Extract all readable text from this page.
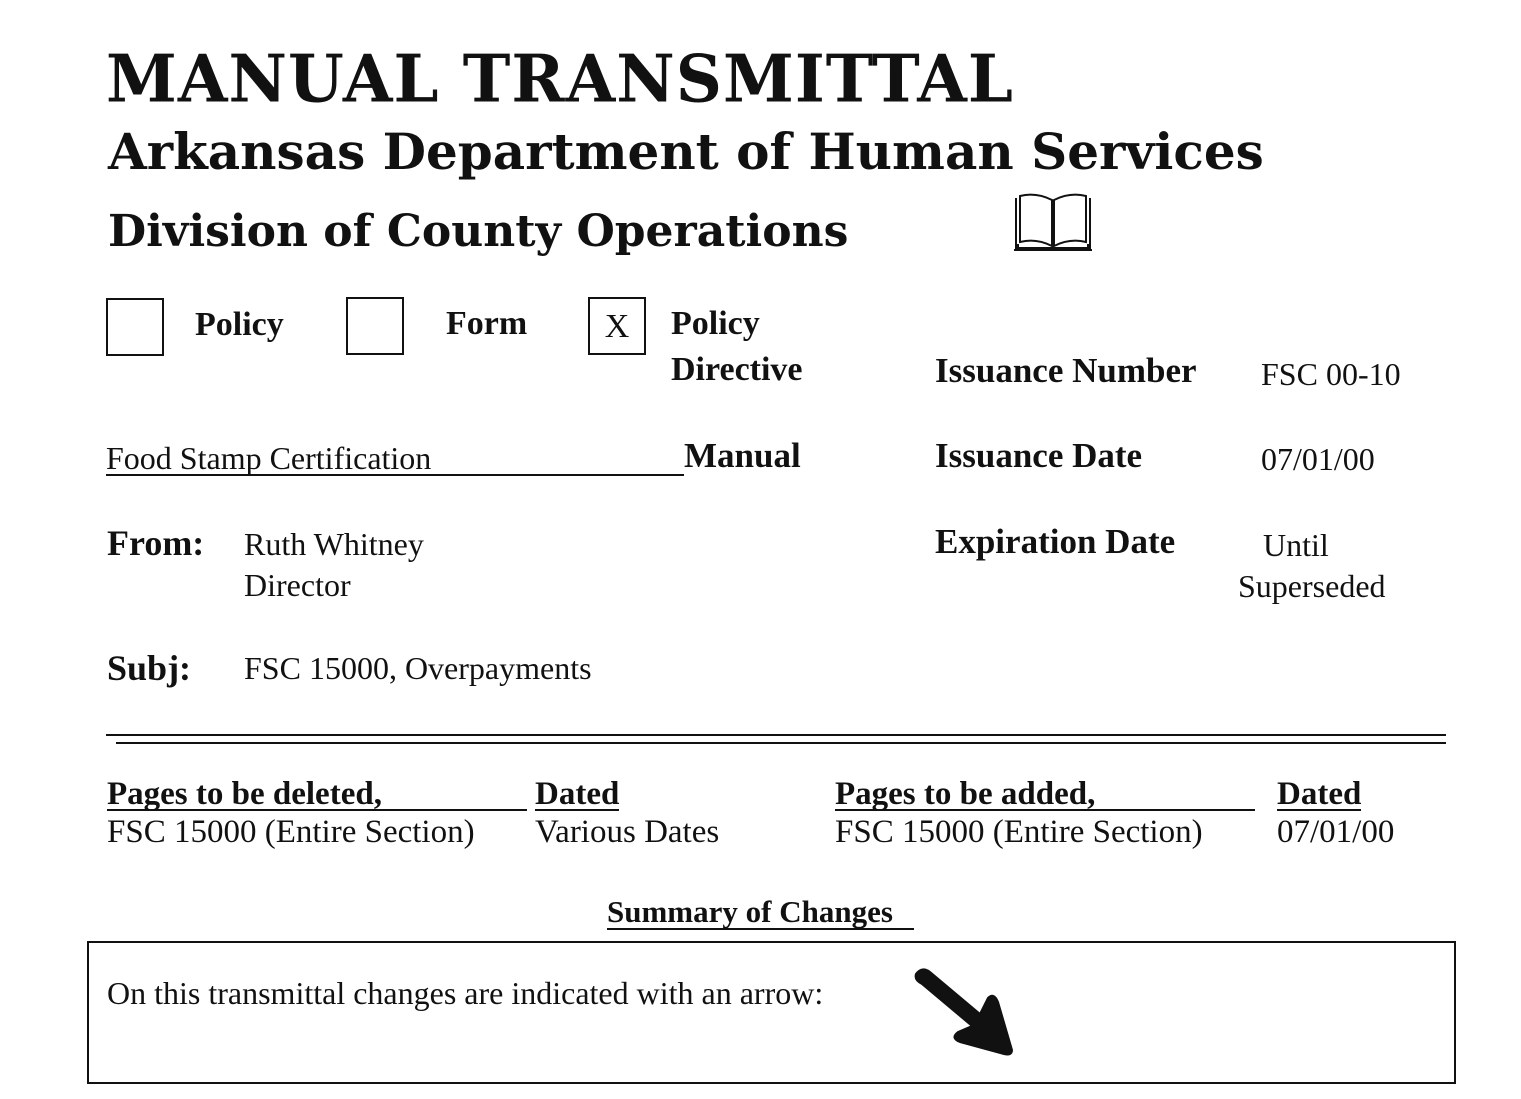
MANUAL TRANSMITTAL
Arkansas Department of Human Services
Division of County Operations
Policy	Form	X	Policy
Directive	Issuance Number FSC 00-10
Issuance Date	07/01/00
Expiration Date	Until
Superseded
Food Stamp Certification	Manual
From: Ruth Whitney
Director
Subj: FSC 15000, Overpayments
Pages to be deleted,	Dated	Pages to be added,	Dated
FSC 15000 (Entire Section) Various Dates	FSC 15000 (Entire Section) 07/01/00
Summary of Changes
On this transmittal changes are indicated with an arrow:
